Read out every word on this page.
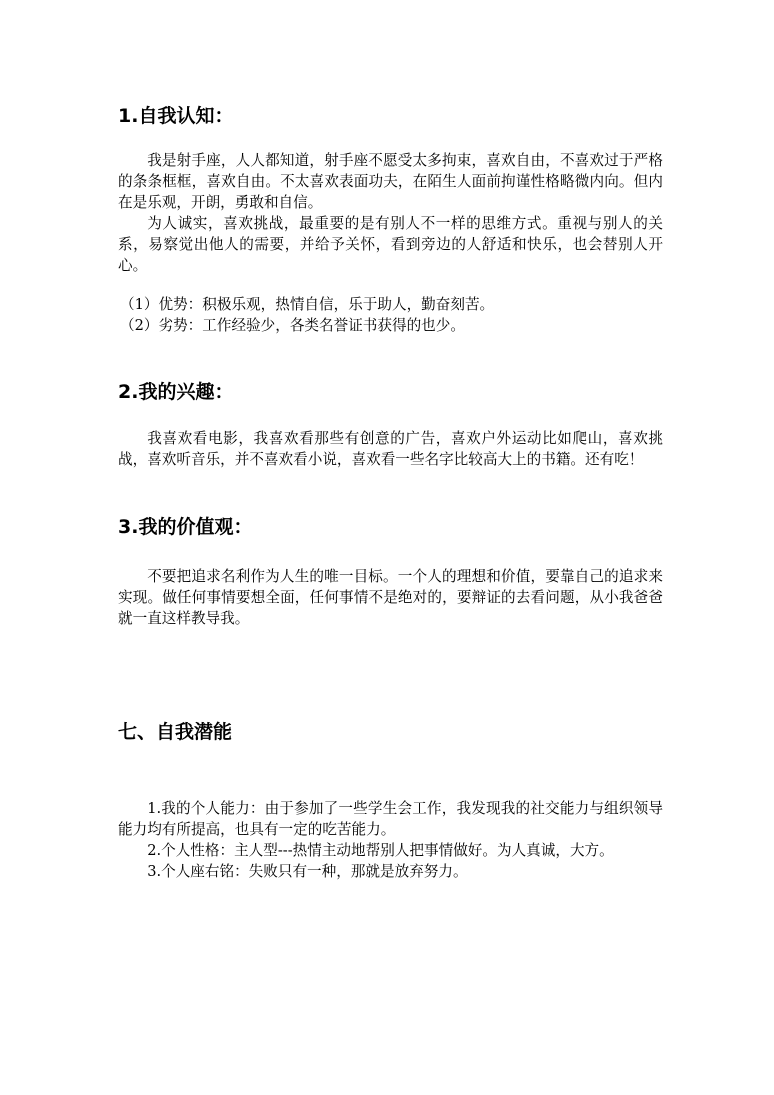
1.自我认知：

我是射手座，人人都知道，射手座不愿受太多拘束，喜欢自由，不喜欢过于严格的条条框框，喜欢自由。不太喜欢表面功夫，在陌生人面前拘谨性格略微内向。但内在是乐观，开朗，勇敢和自信。

为人诚实，喜欢挑战，最重要的是有别人不一样的思维方式。重视与别人的关系，易察觉出他人的需要，并给予关怀，看到旁边的人舒适和快乐，也会替别人开心。

（1）优势：积极乐观，热情自信，乐于助人，勤奋刻苦。

（2）劣势：工作经验少，各类名誉证书获得的也少。

2.我的兴趣：

我喜欢看电影，我喜欢看那些有创意的广告，喜欢户外运动比如爬山，喜欢挑战，喜欢听音乐，并不喜欢看小说，喜欢看一些名字比较高大上的书籍。还有吃！

3.我的价值观：

不要把追求名利作为人生的唯一目标。一个人的理想和价值，要靠自己的追求来实现。做任何事情要想全面，任何事情不是绝对的，要辩证的去看问题，从小我爸爸就一直这样教导我。

七、自我潜能

1.我的个人能力：由于参加了一些学生会工作，我发现我的社交能力与组织领导能力均有所提高，也具有一定的吃苦能力。

2.个人性格：主人型---热情主动地帮别人把事情做好。为人真诚，大方。

3.个人座右铭：失败只有一种，那就是放弃努力。
